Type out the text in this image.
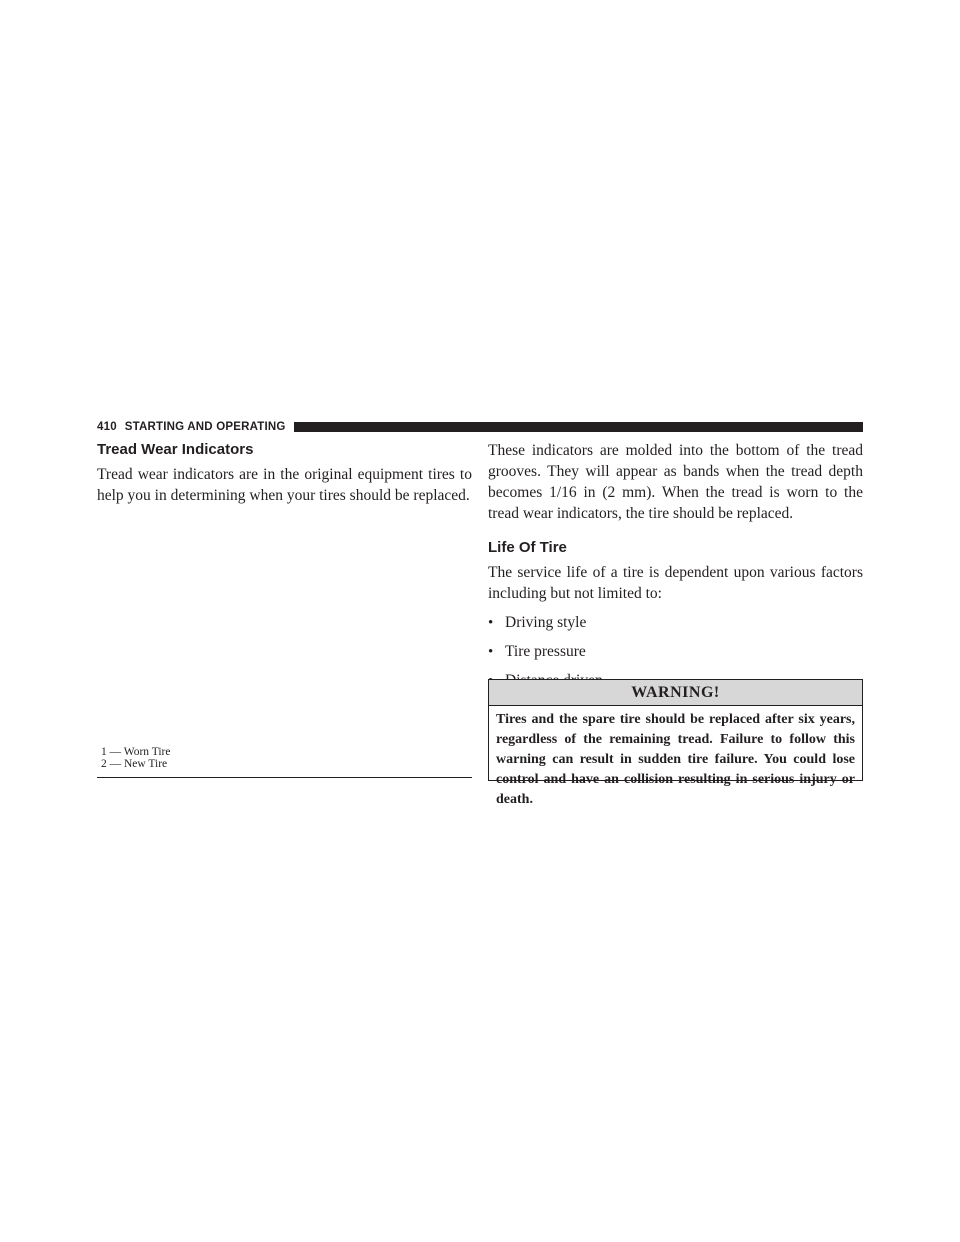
410 STARTING AND OPERATING
Tread Wear Indicators

Tread wear indicators are in the original equipment tires to help you in determining when your tires should be replaced.

1 — Worn Tire
2 — New Tire

These indicators are molded into the bottom of the tread grooves. They will appear as bands when the tread depth becomes 1/16 in (2 mm). When the tread is worn to the tread wear indicators, the tire should be replaced.

Life Of Tire

The service life of a tire is dependent upon various factors including but not limited to:

• Driving style
• Tire pressure
WARNING!
Tires and the spare tire should be replaced after six years, regardless of the remaining tread. Failure to follow this warning can result in sudden tire failure. You could lose control and have an collision resulting in serious injury or death.
